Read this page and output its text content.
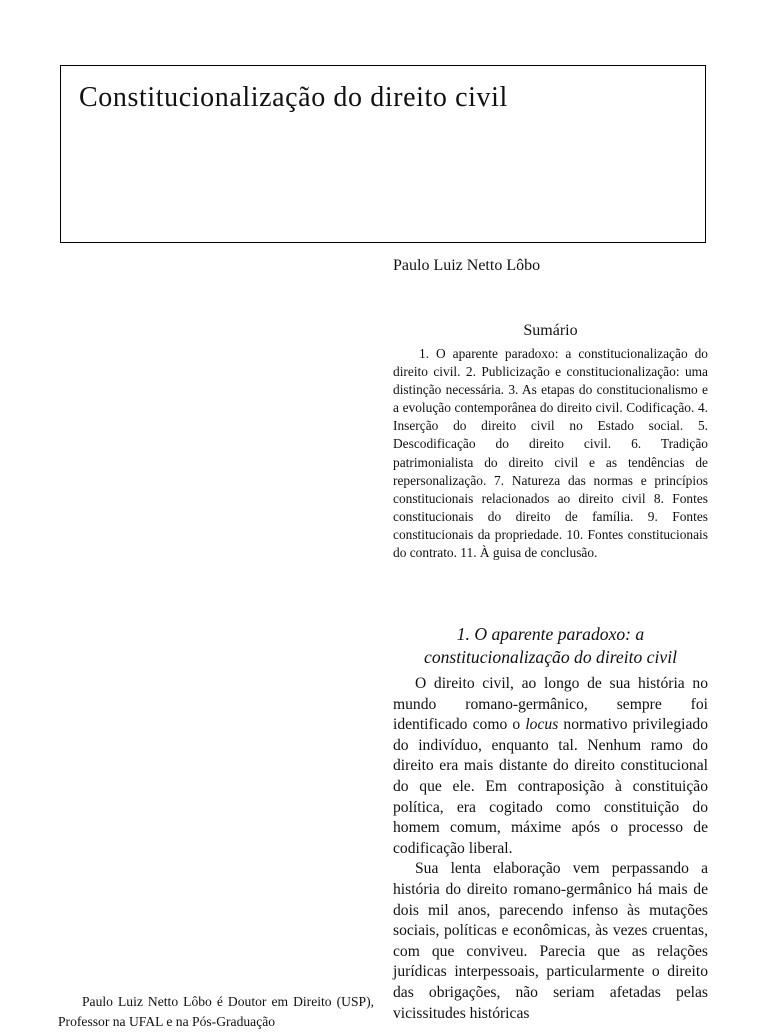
Constitucionalização do direito civil
Paulo Luiz Netto Lôbo
Sumário

1. O aparente paradoxo: a constitucionalização do direito civil. 2. Publicização e constitucionalização: uma distinção necessária. 3. As etapas do constitucionalismo e a evolução contemporânea do direito civil. Codificação. 4. Inserção do direito civil no Estado social. 5. Descodificação do direito civil. 6. Tradição patrimonialista do direito civil e as tendências de repersonalização. 7. Natureza das normas e princípios constitucionais relacionados ao direito civil 8. Fontes constitucionais do direito de família. 9. Fontes constitucionais da propriedade. 10. Fontes constitucionais do contrato. 11. À guisa de conclusão.

1. O aparente paradoxo: a
constitucionalização do direito civil

O direito civil, ao longo de sua história no mundo romano-germânico, sempre foi identificado como o locus normativo privilegiado do indivíduo, enquanto tal. Nenhum ramo do direito era mais distante do direito constitucional do que ele. Em contraposição à constituição política, era cogitado como constituição do homem comum, máxime após o processo de codificação liberal.

Sua lenta elaboração vem perpassando a história do direito romano-germânico há mais de dois mil anos, parecendo infenso às mutações sociais, políticas e econômicas, às vezes cruentas, com que conviveu. Parecia que as relações jurídicas interpessoais, particularmente o direito das obrigações, não seriam afetadas pelas vicissitudes históricas

Paulo Luiz Netto Lôbo é Doutor em Direito (USP), Professor na UFAL e na Pós-Graduação
